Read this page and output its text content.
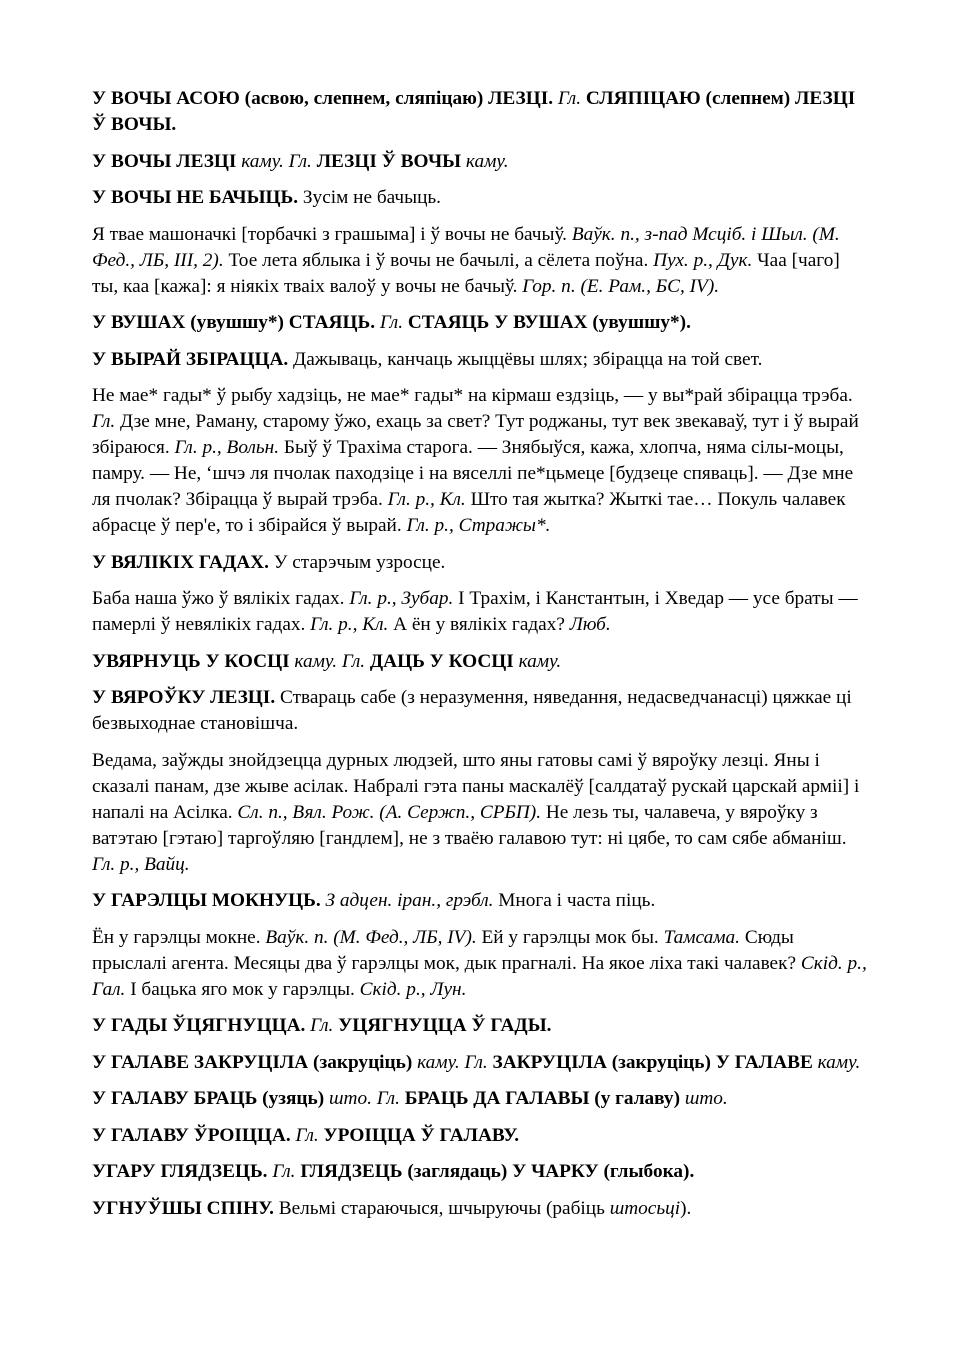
У ВОЧЫ АСОЮ (асвою, слепнем, сляпіцаю) ЛЕЗЦІ. Гл. СЛЯПІЦАЮ (слепнем) ЛЕЗЦІ Ў ВОЧЫ.

У ВОЧЫ ЛЕЗЦІ каму. Гл. ЛЕЗЦІ Ў ВОЧЫ каму.

У ВОЧЫ НЕ БАЧЫЦЬ. Зусім не бачыць.

Я твае машоначкі [торбачкі з грашыма] і ў вочы не бачыў. Ваўк. п., з-пад Мсціб. і Шыл. (М. Фед., ЛБ, III, 2). Тое лета яблыка і ў вочы не бачылі, а сёлета поўна. Пух. р., Дук. Чаа [чаго] ты, каа [кажа]: я ніякіх тваіх валоў у вочы не бачыў. Гор. п. (Е. Рам., БС, IV).

У ВУШАХ (увушшу*) СТАЯЦЬ. Гл. СТАЯЦЬ У ВУШАХ (увушшу*).

У ВЫРАЙ ЗБІРАЦЦА. Дажываць, канчаць жыццёвы шлях; збірацца на той свет.

Не мае* гады* ў рыбу хадзіць, не мае* гады* на кірмаш ездзіць, — у вы*рай збірацца трэба. Гл. Дзе мне, Раману, старому ўжо, ехаць за свет? Тут роджаны, тут век звекаваў, тут і ў вырай збіраюся. Гл. р., Вольн. Быў ў Трахіма старога. — Знябыўся, кажа, хлопча, няма сілы-моцы, памру. — Не, ‘шчэ ля пчолак паходзіце і на вяселлі пе*цьмеце [будзеце спяваць]. — Дзе мне ля пчолак? Збірацца ў вырай трэба. Гл. р., Кл. Што тая жытка? Жыткі тае… Покуль чалавек абрасце ў пер'е, то і збірайся ў вырай. Гл. р., Стражы*.

У ВЯЛІКІХ ГАДАХ. У старэчым узросце.

Баба наша ўжо ў вялікіх гадах. Гл. р., Зубар. І Трахім, і Канстантын, і Хведар — усе браты — памерлі ў невялікіх гадах. Гл. р., Кл. А ён у вялікіх гадах? Люб.

УВЯРНУЦЬ У КОСЦІ каму. Гл. ДАЦЬ У КОСЦІ каму.

У ВЯРОЎКУ ЛЕЗЦІ. Ствараць сабе (з неразумення, няведання, недасведчанасці) цяжкае ці безвыходнае становішча.

Ведама, заўжды знойдзецца дурных людзей, што яны гатовы самі ў вяроўку лезці. Яны і сказалі панам, дзе жыве асілак. Набралі гэта паны маскалёў [салдатаў рускай царскай арміі] і напалі на Асілка. Сл. п., Вял. Рож. (А. Сержп., СРБП). Не лезь ты, чалавеча, у вяроўку з ватэтаю [гэтаю] таргоўляю [гандлем], не з тваёю галавою тут: ні цябе, то сам сябе абманіш. Гл. р., Вайц.

У ГАРЭЛЦЫ МОКНУЦЬ. З адцен. іран., грэбл. Многа і часта піць.

Ён у гарэлцы мокне. Ваўк. п. (М. Фед., ЛБ, IV). Ей у гарэлцы мок бы. Тамсама. Сюды прыслалі агента. Месяцы два ў гарэлцы мок, дык прагналі. На якое ліха такі чалавек? Скід. р., Гал. І бацька яго мок у гарэлцы. Скід. р., Лун.

У ГАДЫ ЎЦЯГНУЦЦА. Гл. УЦЯГНУЦЦА Ў ГАДЫ.

У ГАЛАВЕ ЗАКРУЦІЛА (закруціць) каму. Гл. ЗАКРУЦІЛА (закруціць) У ГАЛАВЕ каму.

У ГАЛАВУ БРАЦЬ (узяць) што. Гл. БРАЦЬ ДА ГАЛАВЫ (у галаву) што.

У ГАЛАВУ ЎРОІЦЦА. Гл. УРОІЦЦА Ў ГАЛАВУ.

УГАРУ ГЛЯДЗЕЦЬ. Гл. ГЛЯДЗЕЦЬ (заглядаць) У ЧАРКУ (глыбока).

УГНУЎШЫ СПІНУ. Вельмі стараючыся, шчыруючы (рабіць штосьці).
